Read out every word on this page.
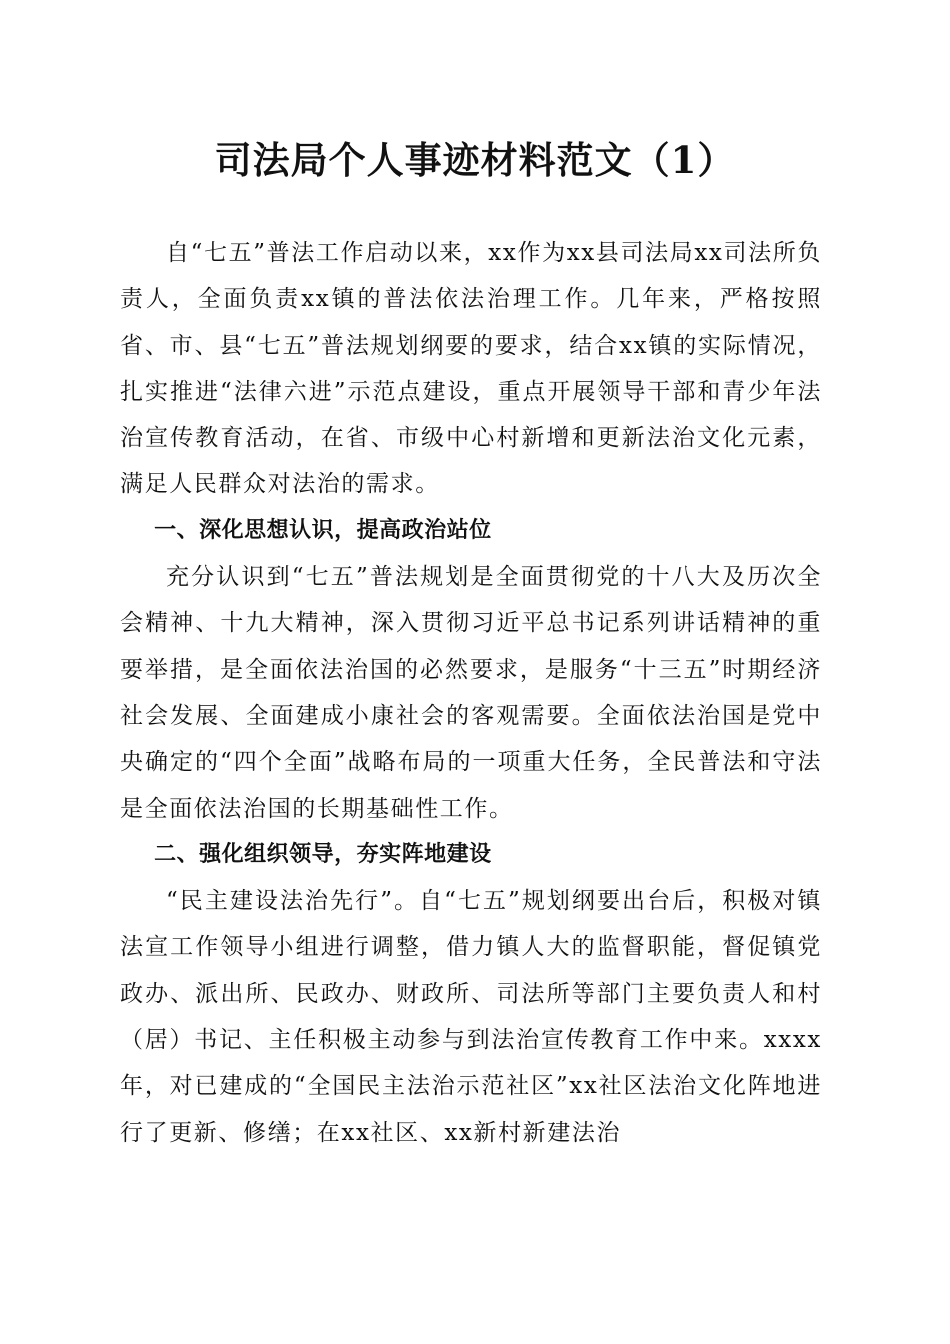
司法局个人事迹材料范文（1）

自“七五”普法工作启动以来，xx作为xx县司法局xx司法所负责人，全面负责xx镇的普法依法治理工作。几年来，严格按照省、市、县“七五”普法规划纲要的要求，结合xx镇的实际情况，扎实推进“法律六进”示范点建设，重点开展领导干部和青少年法治宣传教育活动，在省、市级中心村新增和更新法治文化元素，满足人民群众对法治的需求。

一、深化思想认识，提高政治站位

充分认识到“七五”普法规划是全面贯彻党的十八大及历次全会精神、十九大精神，深入贯彻习近平总书记系列讲话精神的重要举措，是全面依法治国的必然要求，是服务“十三五”时期经济社会发展、全面建成小康社会的客观需要。全面依法治国是党中央确定的“四个全面”战略布局的一项重大任务，全民普法和守法是全面依法治国的长期基础性工作。

二、强化组织领导，夯实阵地建设

“民主建设法治先行”。自“七五”规划纲要出台后，积极对镇法宣工作领导小组进行调整，借力镇人大的监督职能，督促镇党政办、派出所、民政办、财政所、司法所等部门主要负责人和村（居）书记、主任积极主动参与到法治宣传教育工作中来。xxxx年，对已建成的“全国民主法治示范社区”xx社区法治文化阵地进行了更新、修缮；在xx社区、xx新村新建法治
